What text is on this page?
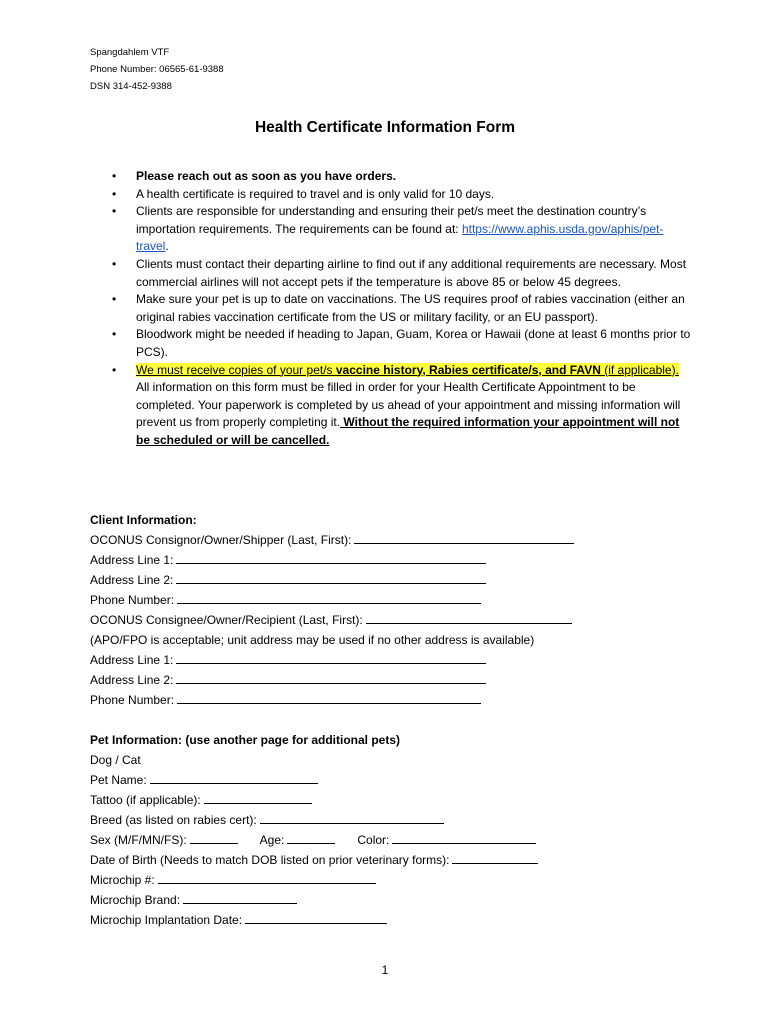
Spangdahlem VTF
Phone Number: 06565-61-9388
DSN 314-452-9388
Health Certificate Information Form
• Please reach out as soon as you have orders.
• A health certificate is required to travel and is only valid for 10 days.
• Clients are responsible for understanding and ensuring their pet/s meet the destination country’s importation requirements. The requirements can be found at: https://www.aphis.usda.gov/aphis/pet-travel.
• Clients must contact their departing airline to find out if any additional requirements are necessary. Most commercial airlines will not accept pets if the temperature is above 85 or below 45 degrees.
• Make sure your pet is up to date on vaccinations. The US requires proof of rabies vaccination (either an original rabies vaccination certificate from the US or military facility, or an EU passport).
• Bloodwork might be needed if heading to Japan, Guam, Korea or Hawaii (done at least 6 months prior to PCS).
• We must receive copies of your pet/s vaccine history, Rabies certificate/s, and FAVN (if applicable). All information on this form must be filled in order for your Health Certificate Appointment to be completed. Your paperwork is completed by us ahead of your appointment and missing information will prevent us from properly completing it. Without the required information your appointment will not be scheduled or will be cancelled.
Client Information:
OCONUS Consignor/Owner/Shipper (Last, First):
Address Line 1:
Address Line 2:
Phone Number:
OCONUS Consignee/Owner/Recipient (Last, First):
(APO/FPO is acceptable; unit address may be used if no other address is available)
Address Line 1:
Address Line 2:
Phone Number:
Pet Information: (use another page for additional pets)
Dog / Cat
Pet Name:
Tattoo (if applicable):
Breed (as listed on rabies cert):
Sex (M/F/MN/FS):	Age:	Color:
Date of Birth (Needs to match DOB listed on prior veterinary forms):
Microchip #:
Microchip Brand:
Microchip Implantation Date:
1
